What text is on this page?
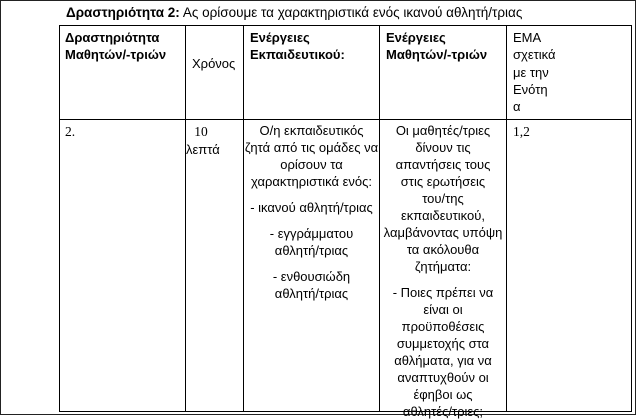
Δραστηριότητα 2: Ας ορίσουμε τα χαρακτηριστικά ενός ικανού αθλητή/τριας
Δραστηριότητα
Μαθητών/-τριών
Χρόνος
Ενέργειες
Εκπαιδευτικού:
Ενέργειες
Μαθητών/-τριών
ΕΜΑ
σχετικά
με την
Ενότη
α
2.	10
λεπτά
Ο/η εκπαιδευτικός
ζητά από τις ομάδες να
ορίσουν τα
χαρακτηριστικά ενός:
- ικανού αθλητή/τριας
- εγγράμματου
αθλητή/τριας
- ενθουσιώδη
αθλητή/τριας
Οι μαθητές/τριες
δίνουν τις
απαντήσεις τους
στις ερωτήσεις
του/της
εκπαιδευτικού,
λαμβάνοντας υπόψη
τα ακόλουθα
ζητήματα:
- Ποιες πρέπει να
είναι οι
προϋποθέσεις
συμμετοχής στα
αθλήματα, για να
αναπτυχθούν οι
έφηβοι ως
αθλητές/τριες;
1,2
